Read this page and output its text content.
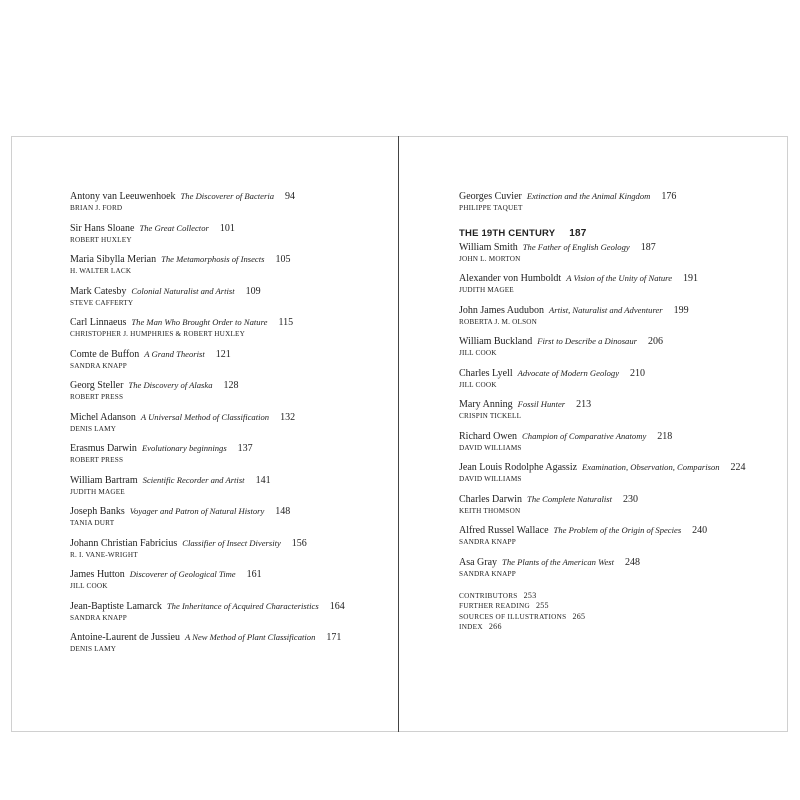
Antony van Leeuwenhoek The Discoverer of Bacteria 94
BRIAN J. FORD
Sir Hans Sloane The Great Collector 101
ROBERT HUXLEY
Maria Sibylla Merian The Metamorphosis of Insects 105
H. WALTER LACK
Mark Catesby Colonial Naturalist and Artist 109
STEVE CAFFERTY
Carl Linnaeus The Man Who Brought Order to Nature 115
CHRISTOPHER J. HUMPHRIES & ROBERT HUXLEY
Comte de Buffon A Grand Theorist 121
SANDRA KNAPP
Georg Steller The Discovery of Alaska 128
ROBERT PRESS
Michel Adanson A Universal Method of Classification 132
DENIS LAMY
Erasmus Darwin Evolutionary beginnings 137
ROBERT PRESS
William Bartram Scientific Recorder and Artist 141
JUDITH MAGEE
Joseph Banks Voyager and Patron of Natural History 148
TANIA DURT
Johann Christian Fabricius Classifier of Insect Diversity 156
R. I. VANE-WRIGHT
James Hutton Discoverer of Geological Time 161
JILL COOK
Jean-Baptiste Lamarck The Inheritance of Acquired Characteristics 164
SANDRA KNAPP
Antoine-Laurent de Jussieu A New Method of Plant Classification 171
DENIS LAMY
Georges Cuvier Extinction and the Animal Kingdom 176
PHILIPPE TAQUET
THE 19TH CENTURY 187
William Smith The Father of English Geology 187
JOHN L. MORTON
Alexander von Humboldt A Vision of the Unity of Nature 191
JUDITH MAGEE
John James Audubon Artist, Naturalist and Adventurer 199
ROBERTA J. M. OLSON
William Buckland First to Describe a Dinosaur 206
JILL COOK
Charles Lyell Advocate of Modern Geology 210
JILL COOK
Mary Anning Fossil Hunter 213
CRISPIN TICKELL
Richard Owen Champion of Comparative Anatomy 218
DAVID WILLIAMS
Jean Louis Rodolphe Agassiz Examination, Observation, Comparison 224
DAVID WILLIAMS
Charles Darwin The Complete Naturalist 230
KEITH THOMSON
Alfred Russel Wallace The Problem of the Origin of Species 240
SANDRA KNAPP
Asa Gray The Plants of the American West 248
SANDRA KNAPP
CONTRIBUTORS 253
FURTHER READING 255
SOURCES OF ILLUSTRATIONS 265
INDEX 266
